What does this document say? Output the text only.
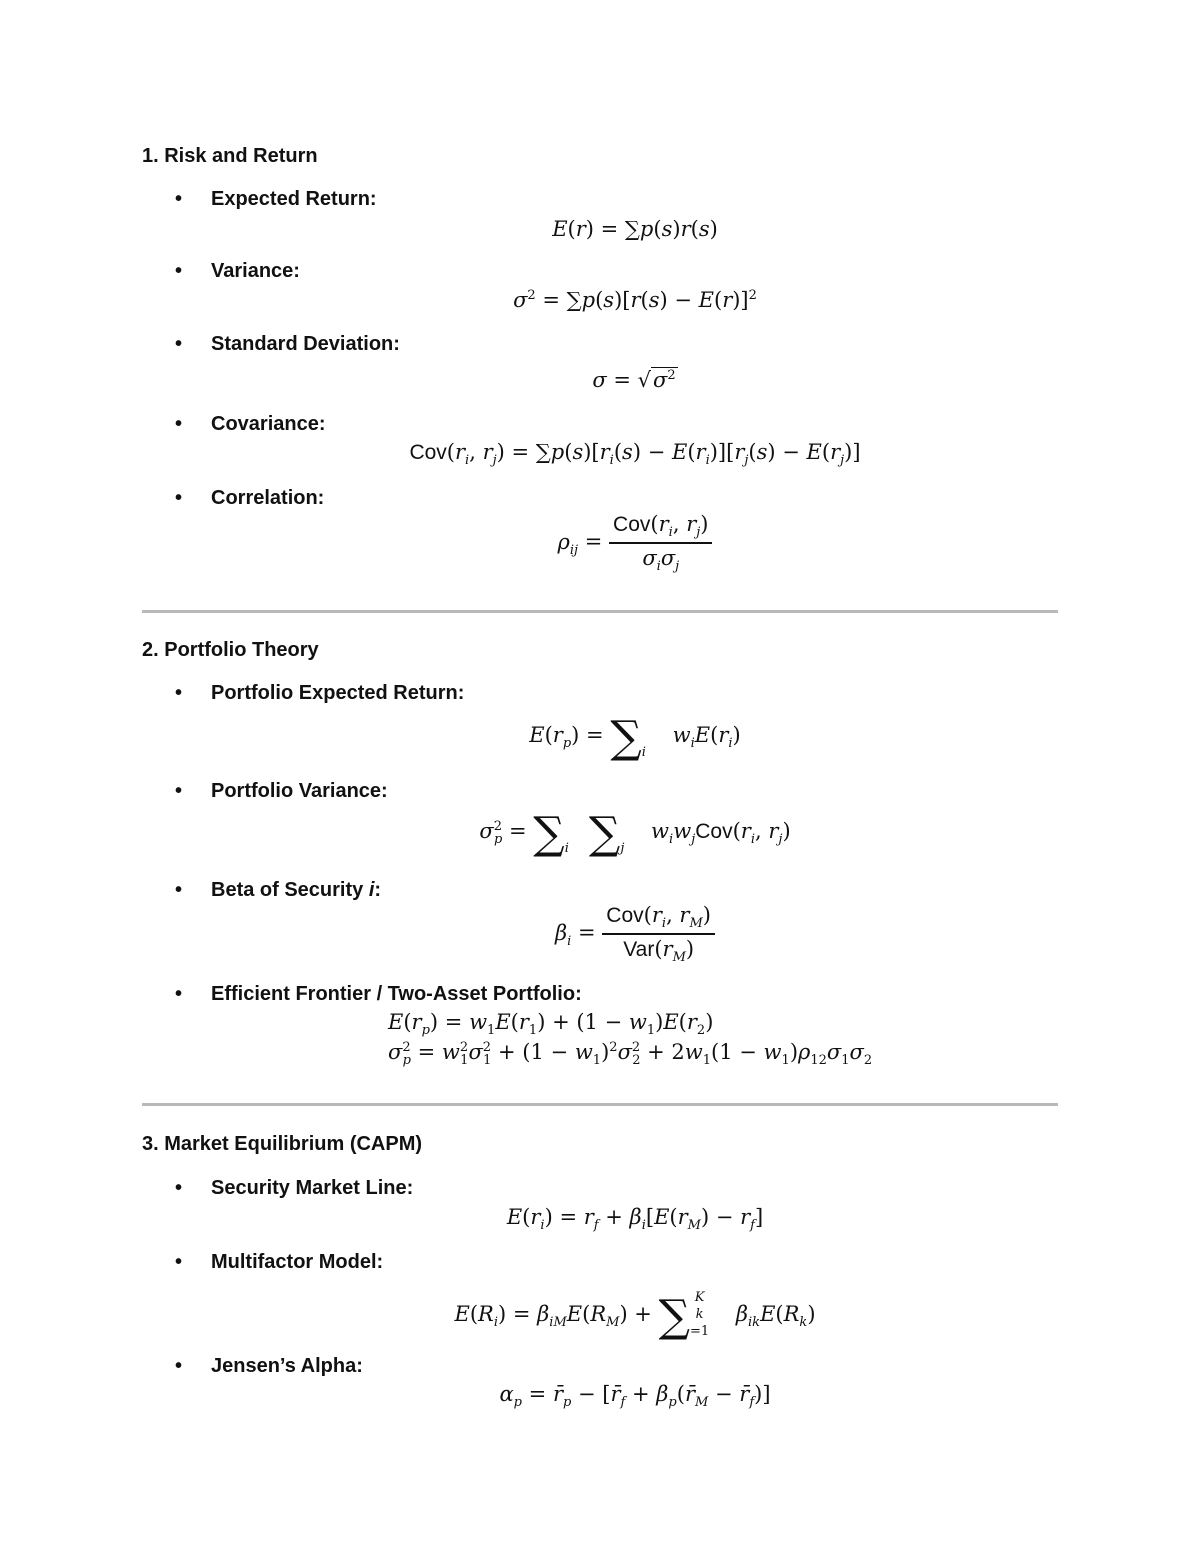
1. Risk and Return
• Expected Return:
E(r) = ∑p(s)r(s)
• Variance:
$\sigma^2 = \sum p(s)[r(s) - E(r)]^2$
• Standard Deviation:
$\sigma = √\sigma^2$
• Covariance:
$Cov(r_i$, $r_j) = \sum p(s)[r_i(s) - E(r_i)][r_j(s) - E(r_j)]$
• Correlation:
$\rho_{ij} = \frac{Cov(r_i, r_j)}{\sigma_i\sigma_j}$
2. Portfolio Theory
• Portfolio Expected Return:
$E(r_p) = \sum_i$    $w_iE(r_i)$
• Portfolio Variance:
$\sigma^2_p = \sum_i$ $\sum_j$    $w_iw_jCov(r_i$, $r_j$)
• Beta of Security i:
$\beta_i = \frac{Cov(r_i, r_M)}{Var(r_M)}$
• Efficient Frontier / Two-Asset Portfolio:
$E(r_p) = w_1E(r_1) + (1 - w_1)E(r_2)$
$\sigma^2_p = w^2_1\sigma^2_1 + (1 - w_1)^2\sigma^2_2 + 2w_1(1 - w_1)\rho_{12}\sigma_1\sigma_2$
3. Market Equilibrium (CAPM)
• Security Market Line:
$E(r_i) = r_f + \beta_i[E(r_M) - r_f]$
• Multifactor Model:
$E(R_i) = \beta_{iM}E(R_M)$ + ∑ K
k
=1    $\beta_{ik}E(R_k)$
• Jensen’s Alpha:
$\alpha_p$ = $r̄_p$ − [$r̄_f$ + $\beta_p(r̄_M$ − $r̄_f$)]
